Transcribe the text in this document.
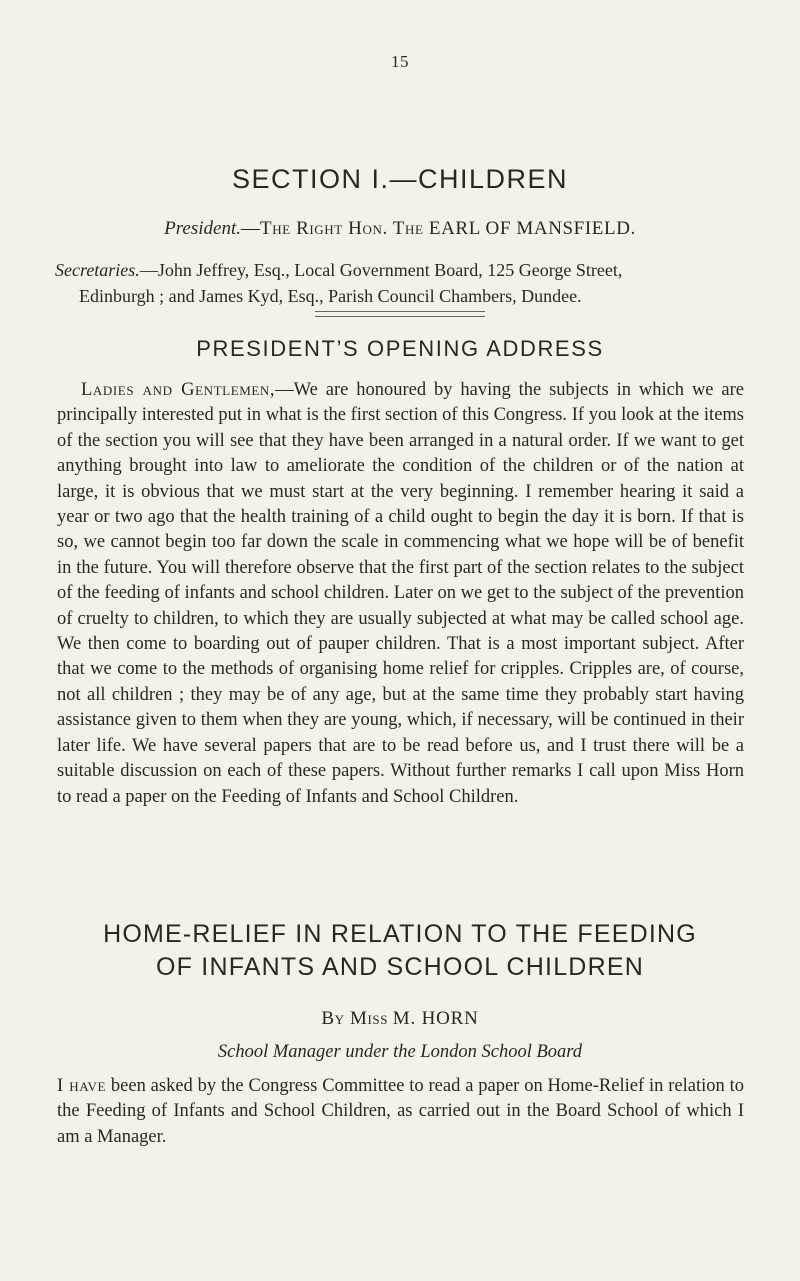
15
SECTION I.—CHILDREN
President.—The Right Hon. The EARL OF MANSFIELD.
Secretaries.—John Jeffrey, Esq., Local Government Board, 125 George Street,
Edinburgh ; and James Kyd, Esq., Parish Council Chambers, Dundee.
PRESIDENT’S OPENING ADDRESS

Ladies and Gentlemen,—We are honoured by having the subjects in which we are principally interested put in what is the first section of this Congress. If you look at the items of the section you will see that they have been arranged in a natural order. If we want to get anything brought into law to ameliorate the condition of the children or of the nation at large, it is obvious that we must start at the very beginning. I remember hearing it said a year or two ago that the health training of a child ought to begin the day it is born. If that is so, we cannot begin too far down the scale in commencing what we hope will be of benefit in the future. You will therefore observe that the first part of the section relates to the subject of the feeding of infants and school children. Later on we get to the subject of the prevention of cruelty to children, to which they are usually subjected at what may be called school age. We then come to boarding out of pauper children. That is a most important subject. After that we come to the methods of organising home relief for cripples. Cripples are, of course, not all children ; they may be of any age, but at the same time they probably start having assistance given to them when they are young, which, if necessary, will be continued in their later life. We have several papers that are to be read before us, and I trust there will be a suitable discussion on each of these papers. Without further remarks I call upon Miss Horn to read a paper on the Feeding of Infants and School Children.

HOME-RELIEF IN RELATION TO THE FEEDING
OF INFANTS AND SCHOOL CHILDREN
By Miss M. HORN
School Manager under the London School Board

I have been asked by the Congress Committee to read a paper on Home-Relief in relation to the Feeding of Infants and School Children, as carried out in the Board School of which I am a Manager.
